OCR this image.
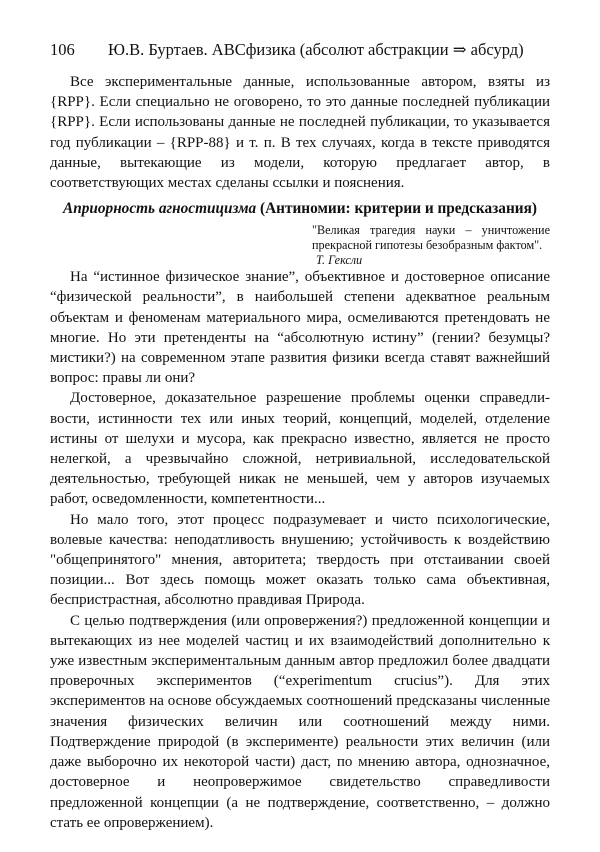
106	Ю.В. Буртаев. ABCфизика (абсолют абстракции ⇒ абсурд)

Все экспериментальные данные, использованные автором, взяты из {RPP}. Если специально не оговорено, то это данные последней публикации {RPP}. Если использованы данные не последней публикации, то указывается год публикации – {RPP-88} и т. п. В тех случаях, когда в тексте приводятся данные, вытекающие из модели, которую предлагает автор, в соответствующих местах сделаны ссылки и пояснения.

Априорность агностицизма (Антиномии: критерии и предсказания)
"Великая трагедия науки – уничтожение прекрасной гипотезы безобразным фактом".
Т. Гексли

На “истинное физическое знание”, объективное и достоверное описание “физической реальности”, в наибольшей степени адекватное реальным объектам и феноменам материального мира, осмеливаются претендовать не многие. Но эти претенденты на “абсолютную истину” (гении? безумцы? мистики?) на современном этапе развития физики всегда ставят важнейший вопрос: правы ли они?

Достоверное, доказательное разрешение проблемы оценки справедливости, истинности тех или иных теорий, концепций, моделей, отделение истины от шелухи и мусора, как прекрасно известно, является не просто нелегкой, а чрезвычайно сложной, нетривиальной, исследовательской деятельностью, требующей никак не меньшей, чем у авторов изучаемых работ, осведомленности, компетентности...

Но мало того, этот процесс подразумевает и чисто психологические, волевые качества: неподатливость внушению; устойчивость к воздействию "общепринятого" мнения, авторитета; твердость при отстаивании своей позиции... Вот здесь помощь может оказать только сама объективная, беспристрастная, абсолютно правдивая Природа.

С целью подтверждения (или опровержения?) предложенной концепции и вытекающих из нее моделей частиц и их взаимодействий дополнительно к уже известным экспериментальным данным автор предложил более двадцати проверочных экспериментов (“experimentum crucius”). Для этих экспериментов на основе обсуждаемых соотношений предсказаны численные значения физических величин или соотношений между ними. Подтверждение природой (в эксперименте) реальности этих величин (или даже выборочно их некоторой части) даст, по мнению автора, однозначное, достоверное и неопровержимое свидетельство справедливости предложенной концепции (а не подтверждение, соответственно, – должно стать ее опровержением).
